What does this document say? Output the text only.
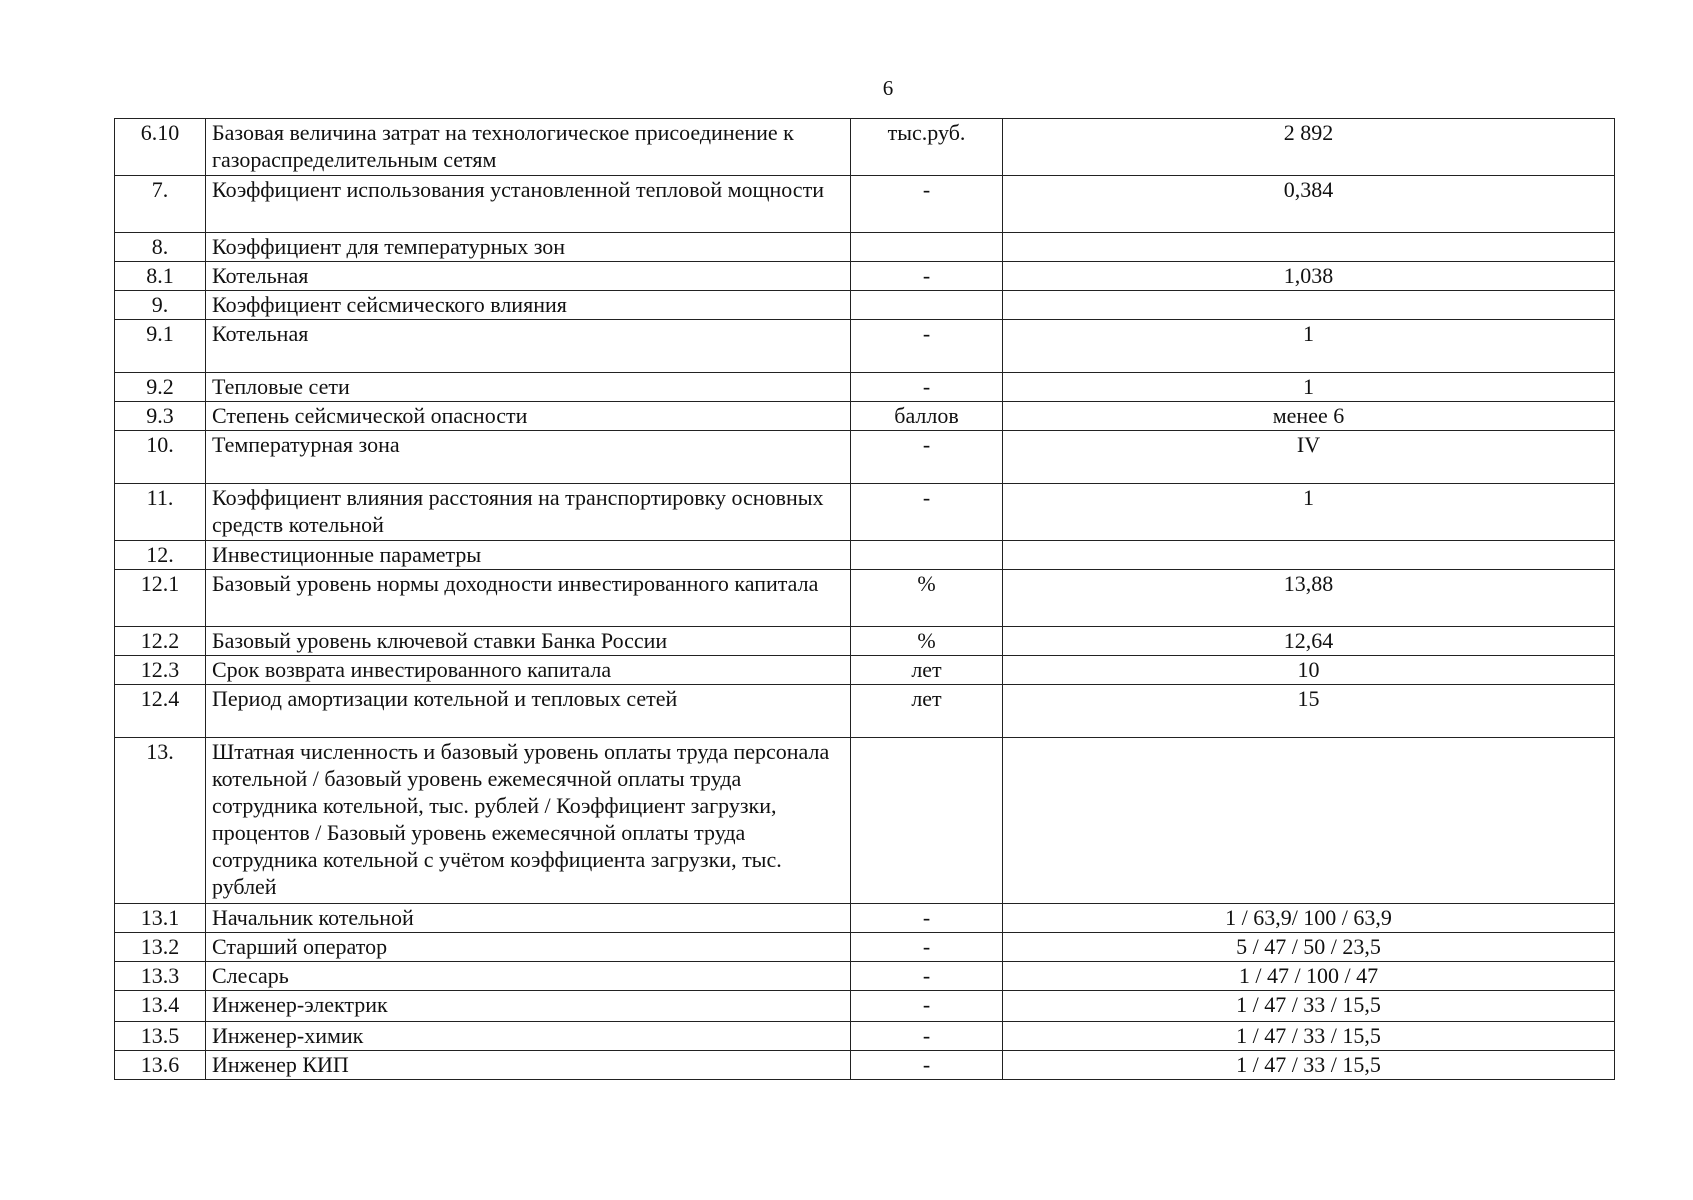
6
6.10	Базовая величина затрат на технологическое присоединение к газораспределительным сетям	тыс.руб.	2 892
7.	Коэффициент использования установленной тепловой мощности	-	0,384
8.	Коэффициент для температурных зон		
8.1	Котельная	-	1,038
9.	Коэффициент сейсмического влияния		
9.1	Котельная	-	1
9.2	Тепловые сети	-	1
9.3	Степень сейсмической опасности	баллов	менее 6
10.	Температурная зона	-	IV
11.	Коэффициент влияния расстояния на транспортировку основных средств котельной	-	1
12.	Инвестиционные параметры		
12.1	Базовый уровень нормы доходности инвестированного капитала	%	13,88
12.2	Базовый уровень ключевой ставки Банка России	%	12,64
12.3	Срок возврата инвестированного капитала	лет	10
12.4	Период амортизации котельной и тепловых сетей	лет	15
13.	Штатная численность и базовый уровень оплаты труда персонала котельной / базовый уровень ежемесячной оплаты труда сотрудника котельной, тыс. рублей / Коэффициент загрузки, процентов / Базовый уровень ежемесячной оплаты труда сотрудника котельной с учётом коэффициента загрузки, тыс. рублей		
13.1	Начальник котельной	-	1 / 63,9/ 100 / 63,9
13.2	Старший оператор	-	5 / 47 / 50 / 23,5
13.3	Слесарь	-	1 / 47 / 100 / 47
13.4	Инженер-электрик	-	1 / 47 / 33 / 15,5
13.5	Инженер-химик	-	1 / 47 / 33 / 15,5
13.6	Инженер КИП	-	1 / 47 / 33 / 15,5
